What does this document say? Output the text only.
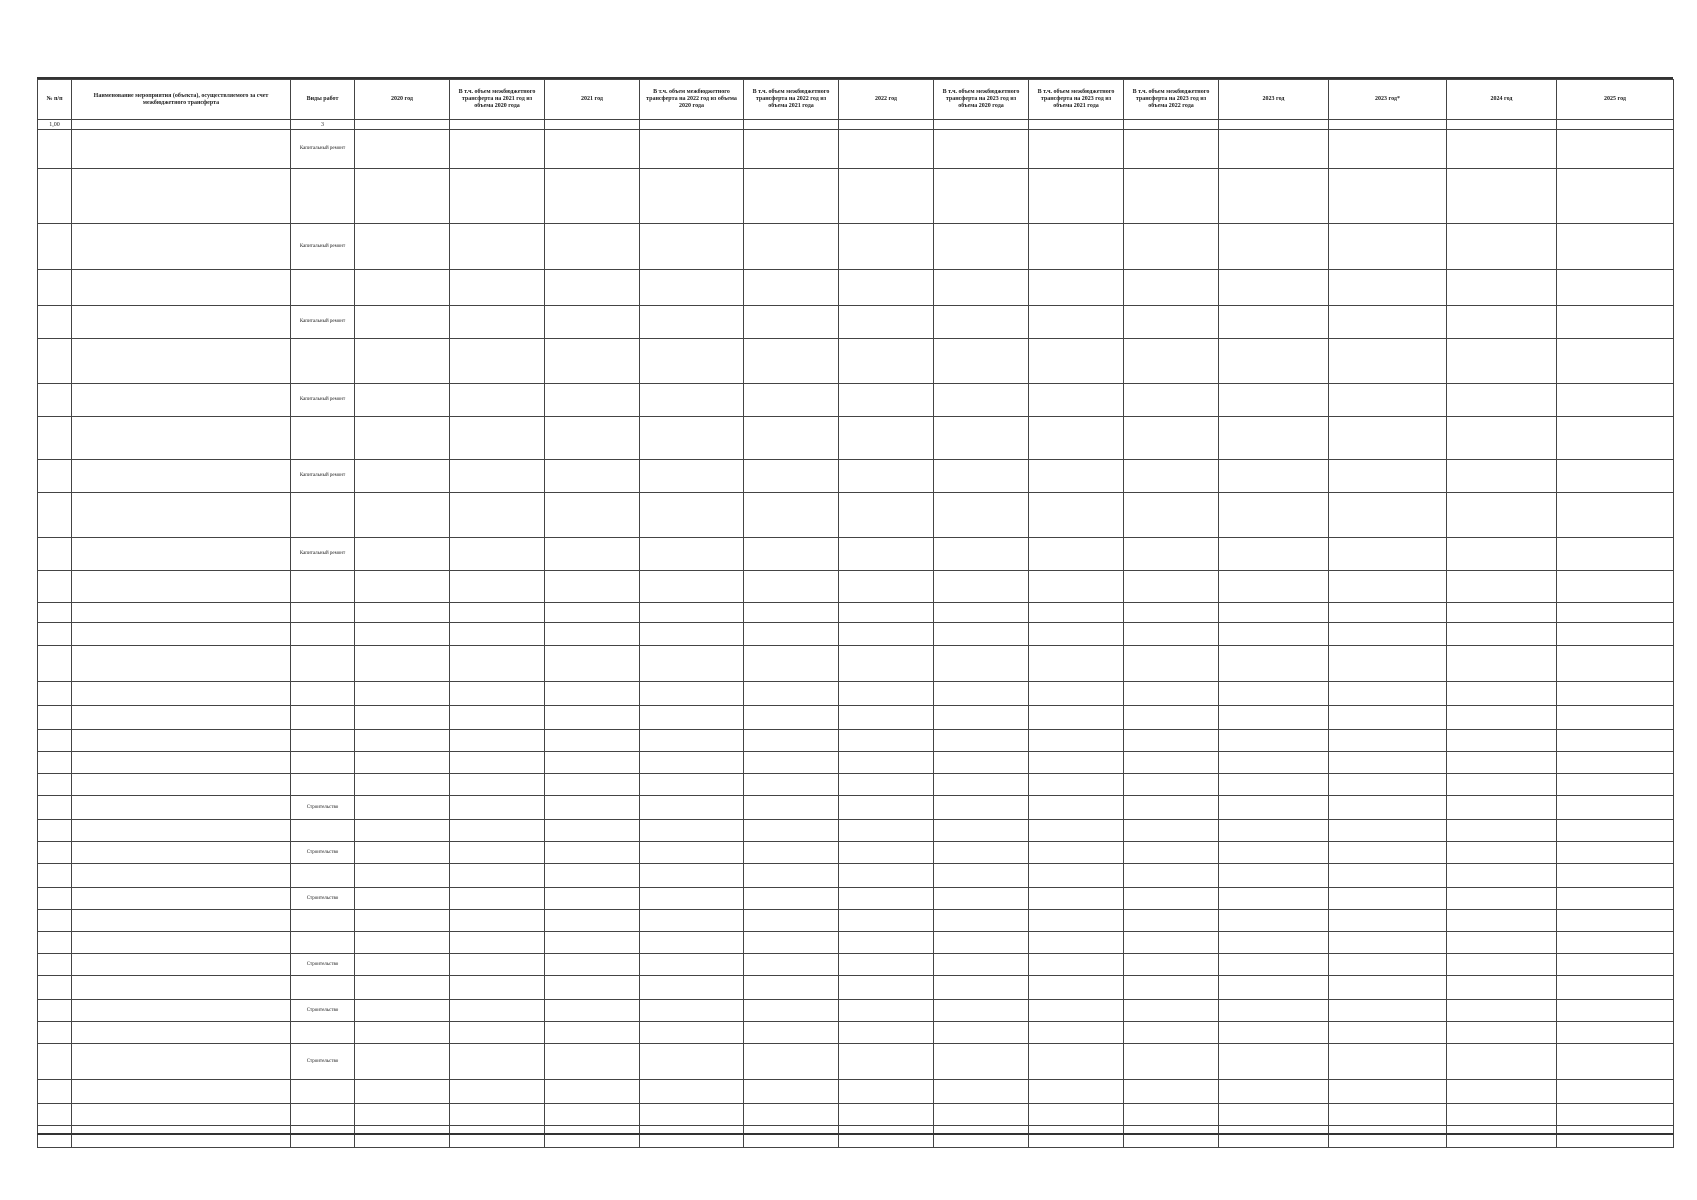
№ п/п	Наименование мероприятия (объекта), осуществляемого за счет межбюджетного трансферта	Виды работ	2020 год	В т.ч. объем межбюджетного трансферта на 2021 год из объема 2020 года	2021 год	В т.ч. объем межбюджетного трансферта на 2022 год из объема 2020 года	В т.ч. объем межбюджетного трансферта на 2022 год из объема 2021 года	2022 год	В т.ч. объем межбюджетного трансферта на 2023 год из объема 2020 года	В т.ч. объем межбюджетного трансферта на 2023 год из объема 2021 года	В т.ч. объем межбюджетного трансферта на 2023 год из объема 2022 года	2023 год	2023 год*	2024 год	2025 год
1,00		3													
		Капитальный ремонт													

		Капитальный ремонт													

		Капитальный ремонт													

		Капитальный ремонт													

		Капитальный ремонт													

		Капитальный ремонт													

		Строительство													

		Строительство													

		Строительство													

		Строительство													

		Строительство													

		Строительство													
